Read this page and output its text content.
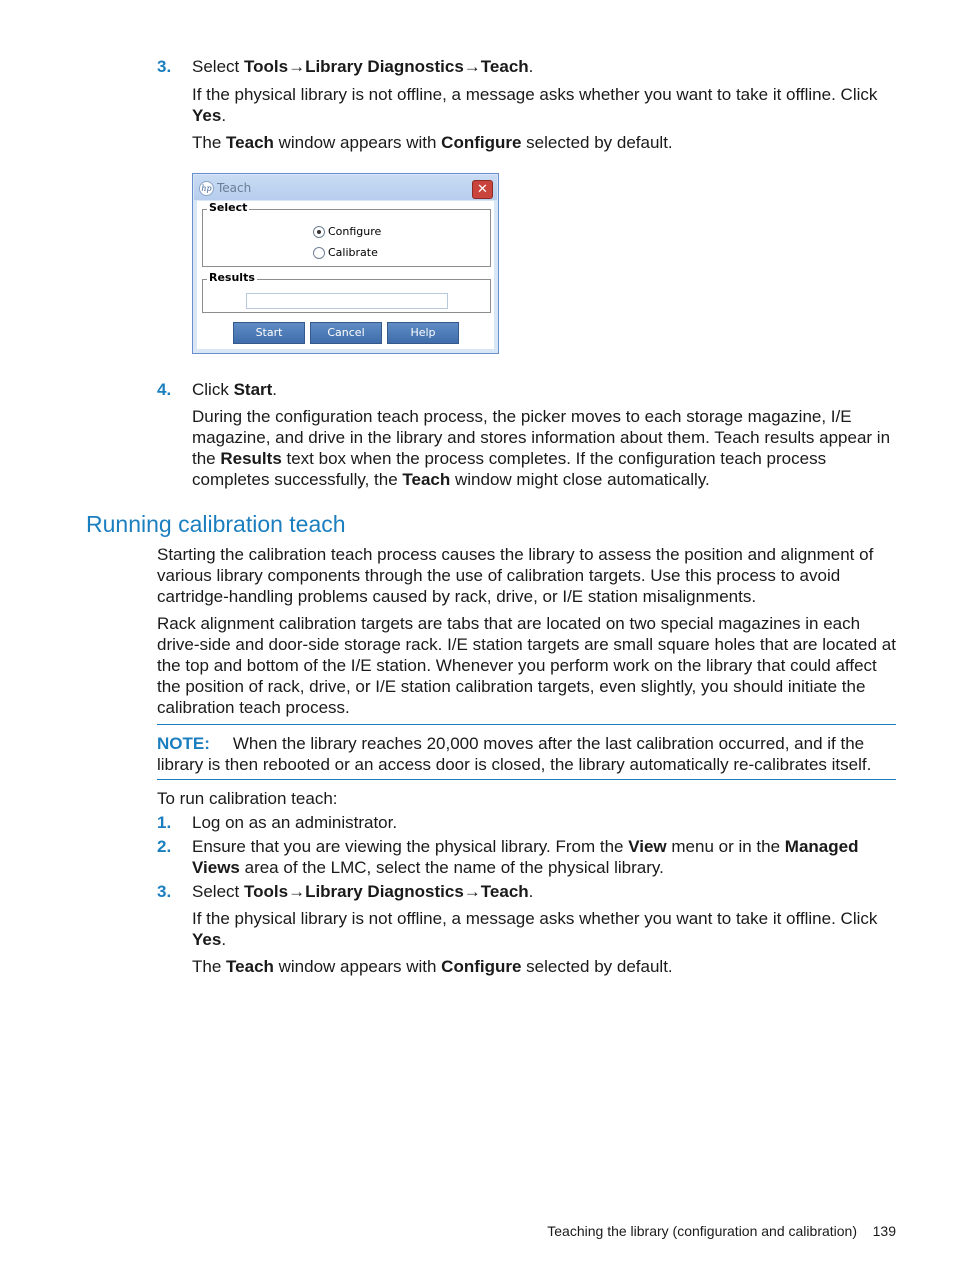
3. Select Tools→Library Diagnostics→Teach.

If the physical library is not offline, a message asks whether you want to take it offline. Click Yes.

The Teach window appears with Configure selected by default.

hp Teach	✕
Select
Configure
Calibrate
Results
Start	Cancel	Help
4. Click Start.

During the configuration teach process, the picker moves to each storage magazine, I/E magazine, and drive in the library and stores information about them. Teach results appear in the Results text box when the process completes. If the configuration teach process completes successfully, the Teach window might close automatically.

Running calibration teach

Starting the calibration teach process causes the library to assess the position and alignment of various library components through the use of calibration targets. Use this process to avoid cartridge-handling problems caused by rack, drive, or I/E station misalignments.

Rack alignment calibration targets are tabs that are located on two special magazines in each drive-side and door-side storage rack. I/E station targets are small square holes that are located at the top and bottom of the I/E station. Whenever you perform work on the library that could affect the position of rack, drive, or I/E station calibration targets, even slightly, you should initiate the calibration teach process.

NOTE: When the library reaches 20,000 moves after the last calibration occurred, and if the library is then rebooted or an access door is closed, the library automatically re-calibrates itself.

To run calibration teach:

1. Log on as an administrator.

2. Ensure that you are viewing the physical library. From the View menu or in the Managed Views area of the LMC, select the name of the physical library.

3. Select Tools→Library Diagnostics→Teach.

If the physical library is not offline, a message asks whether you want to take it offline. Click Yes.

The Teach window appears with Configure selected by default.

Teaching the library (configuration and calibration) 139
